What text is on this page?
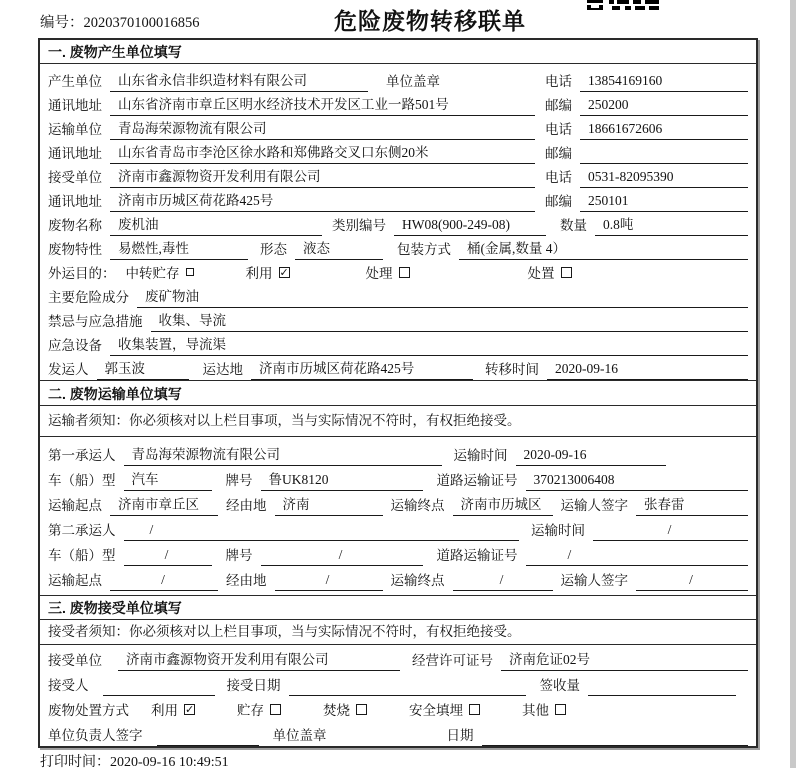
编号：2020370100016856	危险废物转移联单
一. 废物产生单位填写
产生单位	山东省永信非织造材料有限公司	单位盖章	电话	13854169160
通讯地址	山东省济南市章丘区明水经济技术开发区工业一路501号	邮编	250200
运输单位	青岛海荣源物流有限公司	电话	18661672606
通讯地址	山东省青岛市李沧区徐水路和郑佛路交叉口东侧20米	邮编
接受单位	济南市鑫源物资开发利用有限公司	电话	0531-82095390
通讯地址	济南市历城区荷花路425号	邮编	250101
废物名称	废机油	类别编号	HW08(900-249-08)	数量	0.8吨
废物特性	易燃性,毒性	形态	液态	包装方式	桶(金属,数量 4）
外运目的： 中转贮存	利用 ✓	处理	处置
主要危险成分	废矿物油
禁忌与应急措施	收集、导流
应急设备	收集装置，导流渠
发运人	郭玉波	运达地	济南市历城区荷花路425号	转移时间	2020-09-16
二. 废物运输单位填写
运输者须知：你必须核对以上栏目事项，当与实际情况不符时，有权拒绝接受。
第一承运人	青岛海荣源物流有限公司	运输时间	2020-09-16
车（船）型	汽车	牌号	鲁UK8120	道路运输证号	370213006408
运输起点	济南市章丘区	经由地	济南	运输终点	济南市历城区	运输人签字	张春雷
第二承运人	/	运输时间	/
车（船）型	/	牌号	/	道路运输证号	/
运输起点	/	经由地	/	运输终点	/	运输人签字	/
三. 废物接受单位填写
接受者须知：你必须核对以上栏目事项，当与实际情况不符时，有权拒绝接受。
接受单位	济南市鑫源物资开发利用有限公司	经营许可证号	济南危证02号
接受人	接受日期	签收量
废物处置方式 利用 ✓	贮存	焚烧	安全填埋	其他
单位负责人签字	单位盖章	日期
打印时间：2020-09-16 10:49:51
